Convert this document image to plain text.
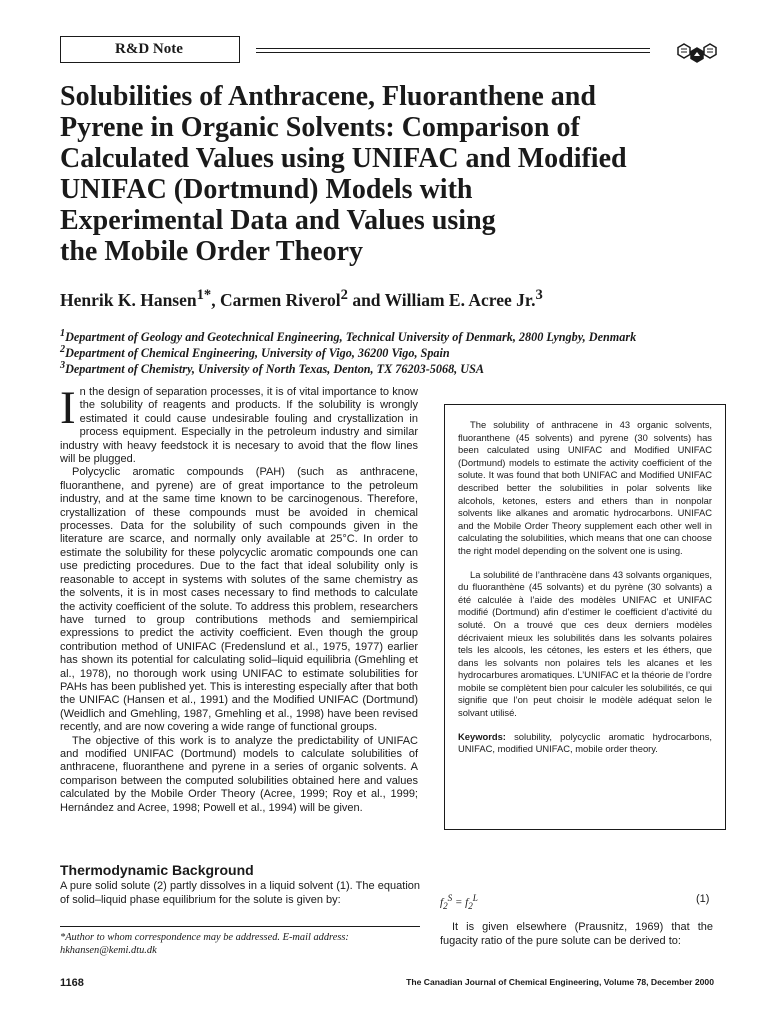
R&D Note
Solubilities of Anthracene, Fluoranthene and
Pyrene in Organic Solvents: Comparison of
Calculated Values using UNIFAC and Modified
UNIFAC (Dortmund) Models with
Experimental Data and Values using
the Mobile Order Theory
Henrik K. Hansen$^{1*}$, Carmen Riverol$^2$ and William E. Acree Jr.$^3$
$^1$Department of Geology and Geotechnical Engineering, Technical University of Denmark, 2800 Lyngby, Denmark
$^2$Department of Chemical Engineering, University of Vigo, 36200 Vigo, Spain
$^3$Department of Chemistry, University of North Texas, Denton, TX 76203-5068, USA

In the design of separation processes, it is of vital importance to know the solubility of reagents and products. If the solubility is wrongly estimated it could cause undesirable fouling and crystallization in process equipment. Especially in the petroleum industry and similar industry with heavy feedstock it is necesary to avoid that the flow lines will be plugged.

Polycyclic aromatic compounds (PAH) (such as anthracene, fluoranthene, and pyrene) are of great importance to the petroleum industry, and at the same time known to be carcinogenous. Therefore, crystallization of these compounds must be avoided in chemical processes. Data for the solubility of such compounds given in the literature are scarce, and normally only available at 25°C. In order to estimate the solubility for these polycyclic aromatic compounds one can use predicting procedures. Due to the fact that ideal solubility only is reasonable to accept in systems with solutes of the same chemistry as the solvents, it is in most cases necessary to find methods to calculate the activity coefficient of the solute. To address this problem, researchers have turned to group contributions methods and semiempirical expressions to predict the activity coefficient. Even though the group contribution method of UNIFAC (Fredenslund et al., 1975, 1977) earlier has shown its potential for calculating solid–liquid equilibria (Gmehling et al., 1978), no thorough work using UNIFAC to estimate solubilities for PAHs has been published yet. This is interesting especially after that both the UNIFAC (Hansen et al., 1991) and the Modified UNIFAC (Dortmund) (Weidlich and Gmehling, 1987, Gmehling et al., 1998) have been revised recently, and are now covering a wide range of functional groups.

The objective of this work is to analyze the predictability of UNIFAC and modified UNIFAC (Dortmund) models to calculate solubilities of anthracene, fluoranthene and pyrene in a series of organic solvents. A comparison between the computed solubilities obtained here and values calculated by the Mobile Order Theory (Acree, 1999; Roy et al., 1999; Hernández and Acree, 1998; Powell et al., 1994) will be given.

The solubility of anthracene in 43 organic solvents, fluoranthene (45 solvents) and pyrene (30 solvents) has been calculated using UNIFAC and Modified UNIFAC (Dortmund) models to estimate the activity coefficient of the solute. It was found that both UNIFAC and Modified UNIFAC described better the solubilities in polar solvents like alcohols, ketones, esters and ethers than in nonpolar solvents like alkanes and aromatic hydrocarbons. UNIFAC and the Mobile Order Theory supplement each other well in calculating the solubilities, which means that one can choose the right model depending on the solvent one is using.

La solubilité de l’anthracène dans 43 solvants organiques, du fluoranthène (45 solvants) et du pyrène (30 solvants) a été calculée à l’aide des modèles UNIFAC et UNIFAC modifié (Dortmund) afin d’estimer le coefficient d’activité du soluté. On a trouvé que ces deux derniers modèles décrivaient mieux les solubilités dans les solvants polaires tels les alcools, les cétones, les esters et les éthers, que dans les solvants non polaires tels les alcanes et les hydrocarbures aromatiques. L’UNIFAC et la théorie de l’ordre mobile se complètent bien pour calculer les solubilités, ce qui signifie que l’on peut choisir le modèle adéquat selon le solvant utilisé.

Keywords: solubility, polycyclic aromatic hydrocarbons, UNIFAC, modified UNIFAC, mobile order theory.

Thermodynamic Background

A pure solid solute (2) partly dissolves in a liquid solvent (1). The equation of solid–liquid phase equilibrium for the solute is given by:	$f_2^S = f_2^L$	(1)

*Author to whom correspondence may be addressed. E-mail address: hkhansen@kemi.dtu.dk

It is given elsewhere (Prausnitz, 1969) that the fugacity ratio of the pure solute can be derived to:

1168	The Canadian Journal of Chemical Engineering, Volume 78, December 2000
